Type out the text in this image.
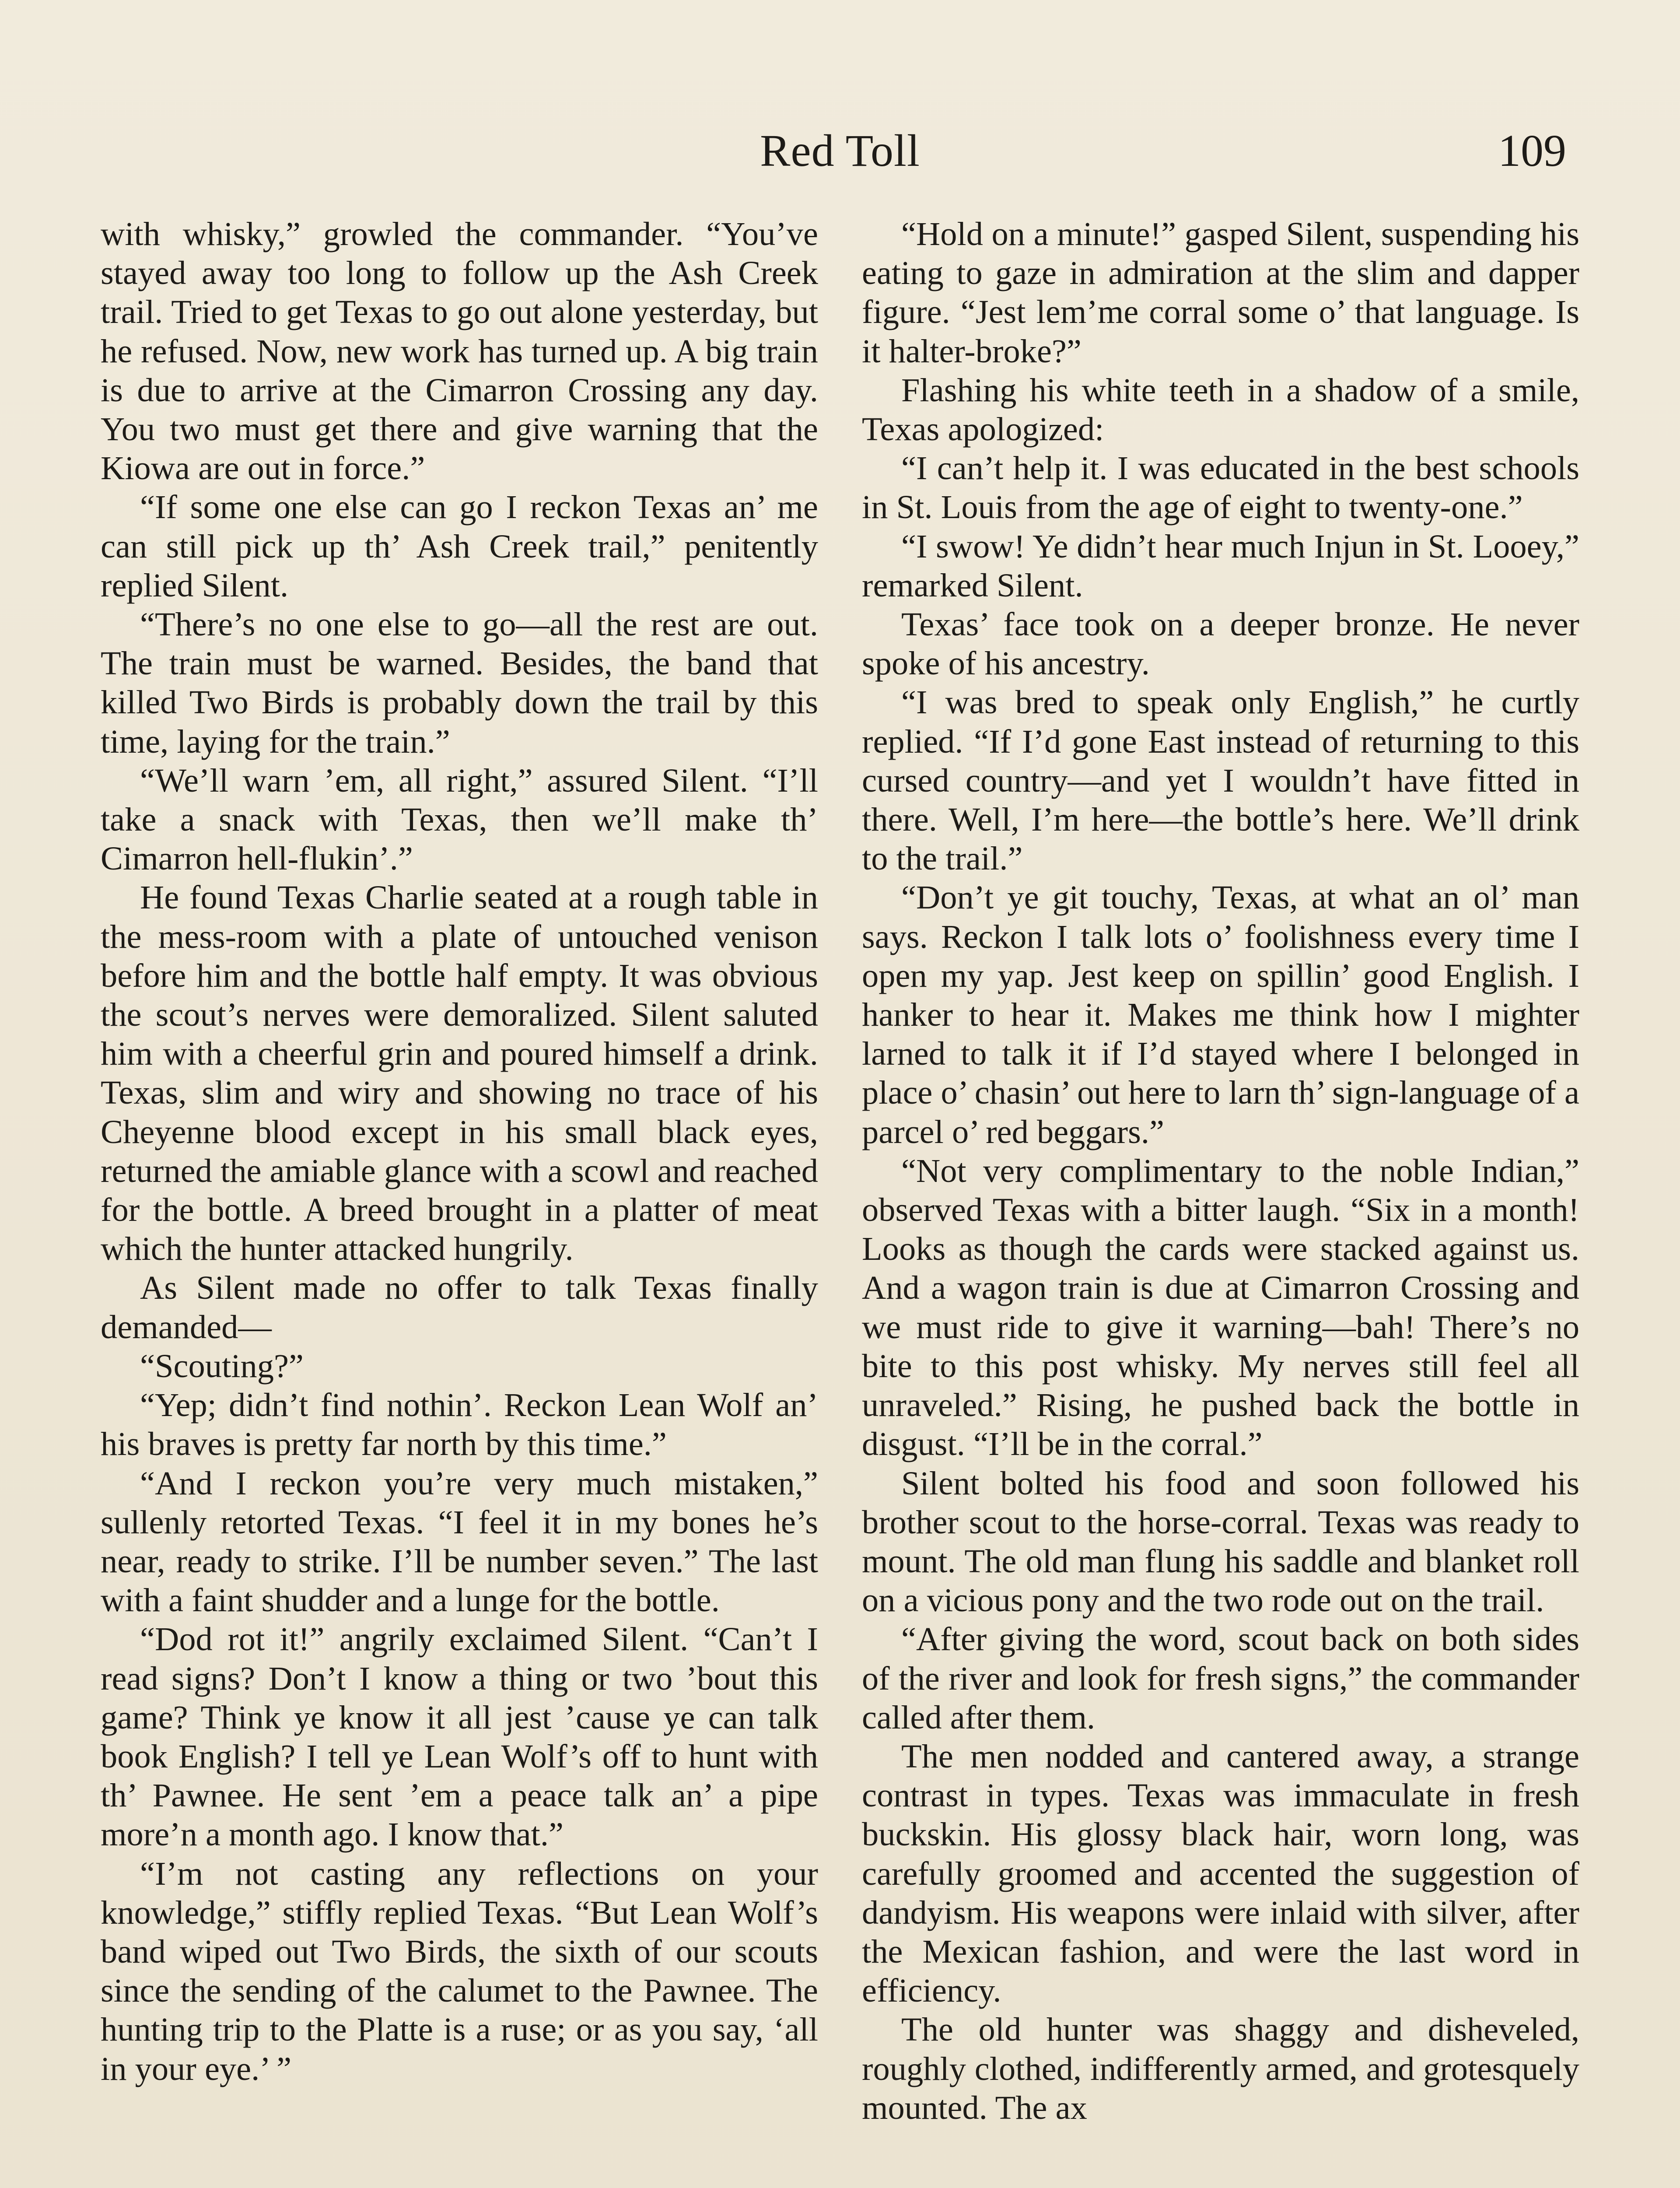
Red Toll	109

with whisky,” growled the commander. “You’ve stayed away too long to follow up the Ash Creek trail. Tried to get Texas to go out alone yesterday, but he refused. Now, new work has turned up. A big train is due to arrive at the Cimarron Crossing any day. You two must get there and give warning that the Kiowa are out in force.”

“If some one else can go I reckon Texas an’ me can still pick up th’ Ash Creek trail,” penitently replied Silent.

“There’s no one else to go—all the rest are out. The train must be warned. Besides, the band that killed Two Birds is probably down the trail by this time, laying for the train.”

“We’ll warn ’em, all right,” assured Silent. “I’ll take a snack with Texas, then we’ll make th’ Cimarron hell-flukin’.”

He found Texas Charlie seated at a rough table in the mess-room with a plate of untouched venison before him and the bottle half empty. It was obvious the scout’s nerves were demoralized. Silent saluted him with a cheerful grin and poured himself a drink. Texas, slim and wiry and showing no trace of his Cheyenne blood except in his small black eyes, returned the amiable glance with a scowl and reached for the bottle. A breed brought in a platter of meat which the hunter attacked hungrily.

As Silent made no offer to talk Texas finally demanded—

“Scouting?”

“Yep; didn’t find nothin’. Reckon Lean Wolf an’ his braves is pretty far north by this time.”

“And I reckon you’re very much mistaken,” sullenly retorted Texas. “I feel it in my bones he’s near, ready to strike. I’ll be number seven.” The last with a faint shudder and a lunge for the bottle.

“Dod rot it!” angrily exclaimed Silent. “Can’t I read signs? Don’t I know a thing or two ’bout this game? Think ye know it all jest ’cause ye can talk book English? I tell ye Lean Wolf’s off to hunt with th’ Pawnee. He sent ’em a peace talk an’ a pipe more’n a month ago. I know that.”

“I’m not casting any reflections on your knowledge,” stiffly replied Texas. “But Lean Wolf’s band wiped out Two Birds, the sixth of our scouts since the sending of the calumet to the Pawnee. The hunting trip to the Platte is a ruse; or as you say, ‘all in your eye.’ ”

“Hold on a minute!” gasped Silent, suspending his eating to gaze in admiration at the slim and dapper figure. “Jest lem’me corral some o’ that language. Is it halter-broke?”

Flashing his white teeth in a shadow of a smile, Texas apologized:

“I can’t help it. I was educated in the best schools in St. Louis from the age of eight to twenty-one.”

“I swow! Ye didn’t hear much Injun in St. Looey,” remarked Silent.

Texas’ face took on a deeper bronze. He never spoke of his ancestry.

“I was bred to speak only English,” he curtly replied. “If I’d gone East instead of returning to this cursed country—and yet I wouldn’t have fitted in there. Well, I’m here—the bottle’s here. We’ll drink to the trail.”

“Don’t ye git touchy, Texas, at what an ol’ man says. Reckon I talk lots o’ foolishness every time I open my yap. Jest keep on spillin’ good English. I hanker to hear it. Makes me think how I mighter larned to talk it if I’d stayed where I belonged in place o’ chasin’ out here to larn th’ sign-language of a parcel o’ red beggars.”

“Not very complimentary to the noble Indian,” observed Texas with a bitter laugh. “Six in a month! Looks as though the cards were stacked against us. And a wagon train is due at Cimarron Crossing and we must ride to give it warning—bah! There’s no bite to this post whisky. My nerves still feel all unraveled.” Rising, he pushed back the bottle in disgust. “I’ll be in the corral.”

Silent bolted his food and soon followed his brother scout to the horse-corral. Texas was ready to mount. The old man flung his saddle and blanket roll on a vicious pony and the two rode out on the trail.

“After giving the word, scout back on both sides of the river and look for fresh signs,” the commander called after them.

The men nodded and cantered away, a strange contrast in types. Texas was immaculate in fresh buckskin. His glossy black hair, worn long, was carefully groomed and accented the suggestion of dandyism. His weapons were inlaid with silver, after the Mexican fashion, and were the last word in efficiency.

The old hunter was shaggy and disheveled, roughly clothed, indifferently armed, and grotesquely mounted. The ax
